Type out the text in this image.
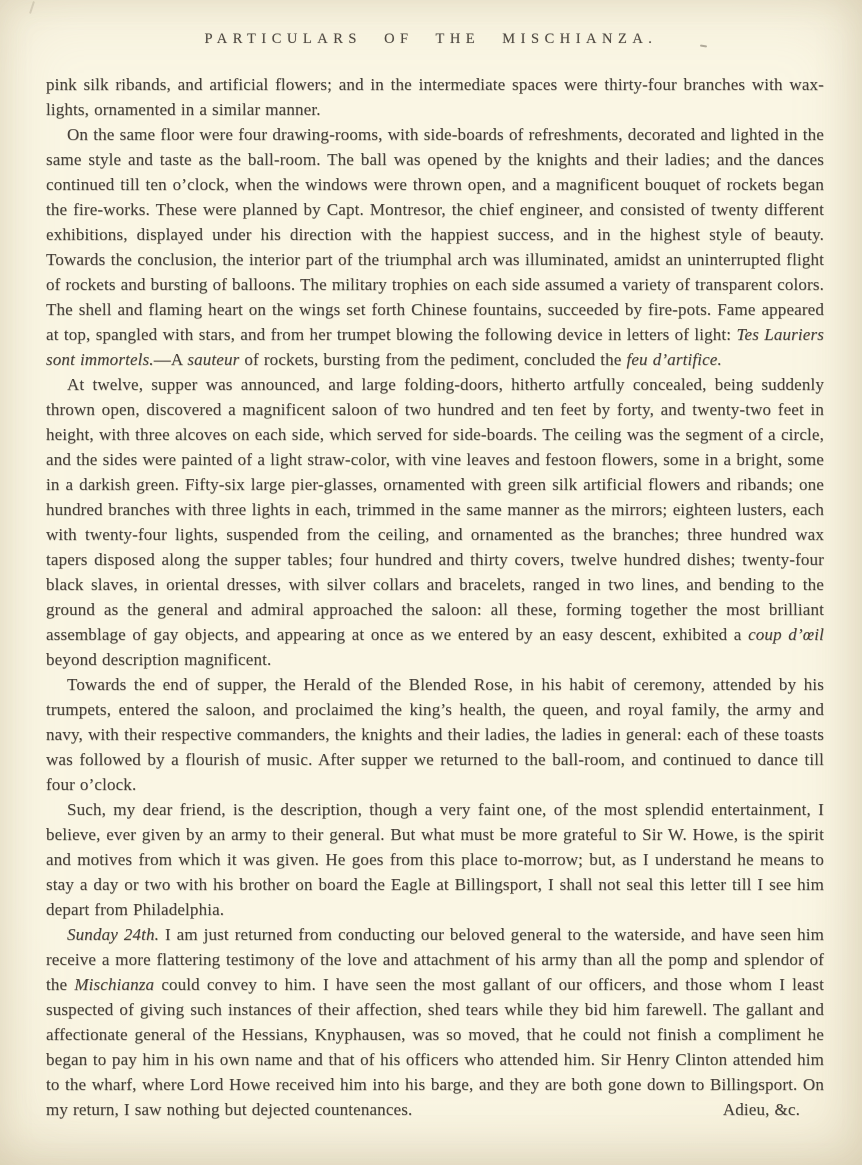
PARTICULARS OF THE MISCHIANZA.

pink silk ribands, and artificial flowers; and in the intermediate spaces were thirty-four branches with wax-lights, ornamented in a similar manner.

On the same floor were four drawing-rooms, with side-boards of refreshments, decorated and lighted in the same style and taste as the ball-room. The ball was opened by the knights and their ladies; and the dances continued till ten o’clock, when the windows were thrown open, and a magnificent bouquet of rockets began the fire-works. These were planned by Capt. Montresor, the chief engineer, and consisted of twenty different exhibitions, displayed under his direction with the happiest success, and in the highest style of beauty. Towards the conclusion, the interior part of the triumphal arch was illuminated, amidst an uninterrupted flight of rockets and bursting of balloons. The military trophies on each side assumed a variety of transparent colors. The shell and flaming heart on the wings set forth Chinese fountains, succeeded by fire-pots. Fame appeared at top, spangled with stars, and from her trumpet blowing the following device in letters of light: Tes Lauriers sont immortels.—A sauteur of rockets, bursting from the pediment, concluded the feu d’artifice.

At twelve, supper was announced, and large folding-doors, hitherto artfully concealed, being suddenly thrown open, discovered a magnificent saloon of two hundred and ten feet by forty, and twenty-two feet in height, with three alcoves on each side, which served for side-boards. The ceiling was the segment of a circle, and the sides were painted of a light straw-color, with vine leaves and festoon flowers, some in a bright, some in a darkish green. Fifty-six large pier-glasses, ornamented with green silk artificial flowers and ribands; one hundred branches with three lights in each, trimmed in the same manner as the mirrors; eighteen lusters, each with twenty-four lights, suspended from the ceiling, and ornamented as the branches; three hundred wax tapers disposed along the supper tables; four hundred and thirty covers, twelve hundred dishes; twenty-four black slaves, in oriental dresses, with silver collars and bracelets, ranged in two lines, and bending to the ground as the general and admiral approached the saloon: all these, forming together the most brilliant assemblage of gay objects, and appearing at once as we entered by an easy descent, exhibited a coup d’œil beyond description magnificent.

Towards the end of supper, the Herald of the Blended Rose, in his habit of ceremony, attended by his trumpets, entered the saloon, and proclaimed the king’s health, the queen, and royal family, the army and navy, with their respective commanders, the knights and their ladies, the ladies in general: each of these toasts was followed by a flourish of music. After supper we returned to the ball-room, and continued to dance till four o’clock.

Such, my dear friend, is the description, though a very faint one, of the most splendid entertainment, I believe, ever given by an army to their general. But what must be more grateful to Sir W. Howe, is the spirit and motives from which it was given. He goes from this place to-morrow; but, as I understand he means to stay a day or two with his brother on board the Eagle at Billingsport, I shall not seal this letter till I see him depart from Philadelphia.

Sunday 24th. I am just returned from conducting our beloved general to the waterside, and have seen him receive a more flattering testimony of the love and attachment of his army than all the pomp and splendor of the Mischianza could convey to him. I have seen the most gallant of our officers, and those whom I least suspected of giving such instances of their affection, shed tears while they bid him farewell. The gallant and affectionate general of the Hessians, Knyphausen, was so moved, that he could not finish a compliment he began to pay him in his own name and that of his officers who attended him. Sir Henry Clinton attended him to the wharf, where Lord Howe received him into his barge, and they are both gone down to Billingsport. On my return, I saw nothing but dejected countenances.	Adieu, &c.
